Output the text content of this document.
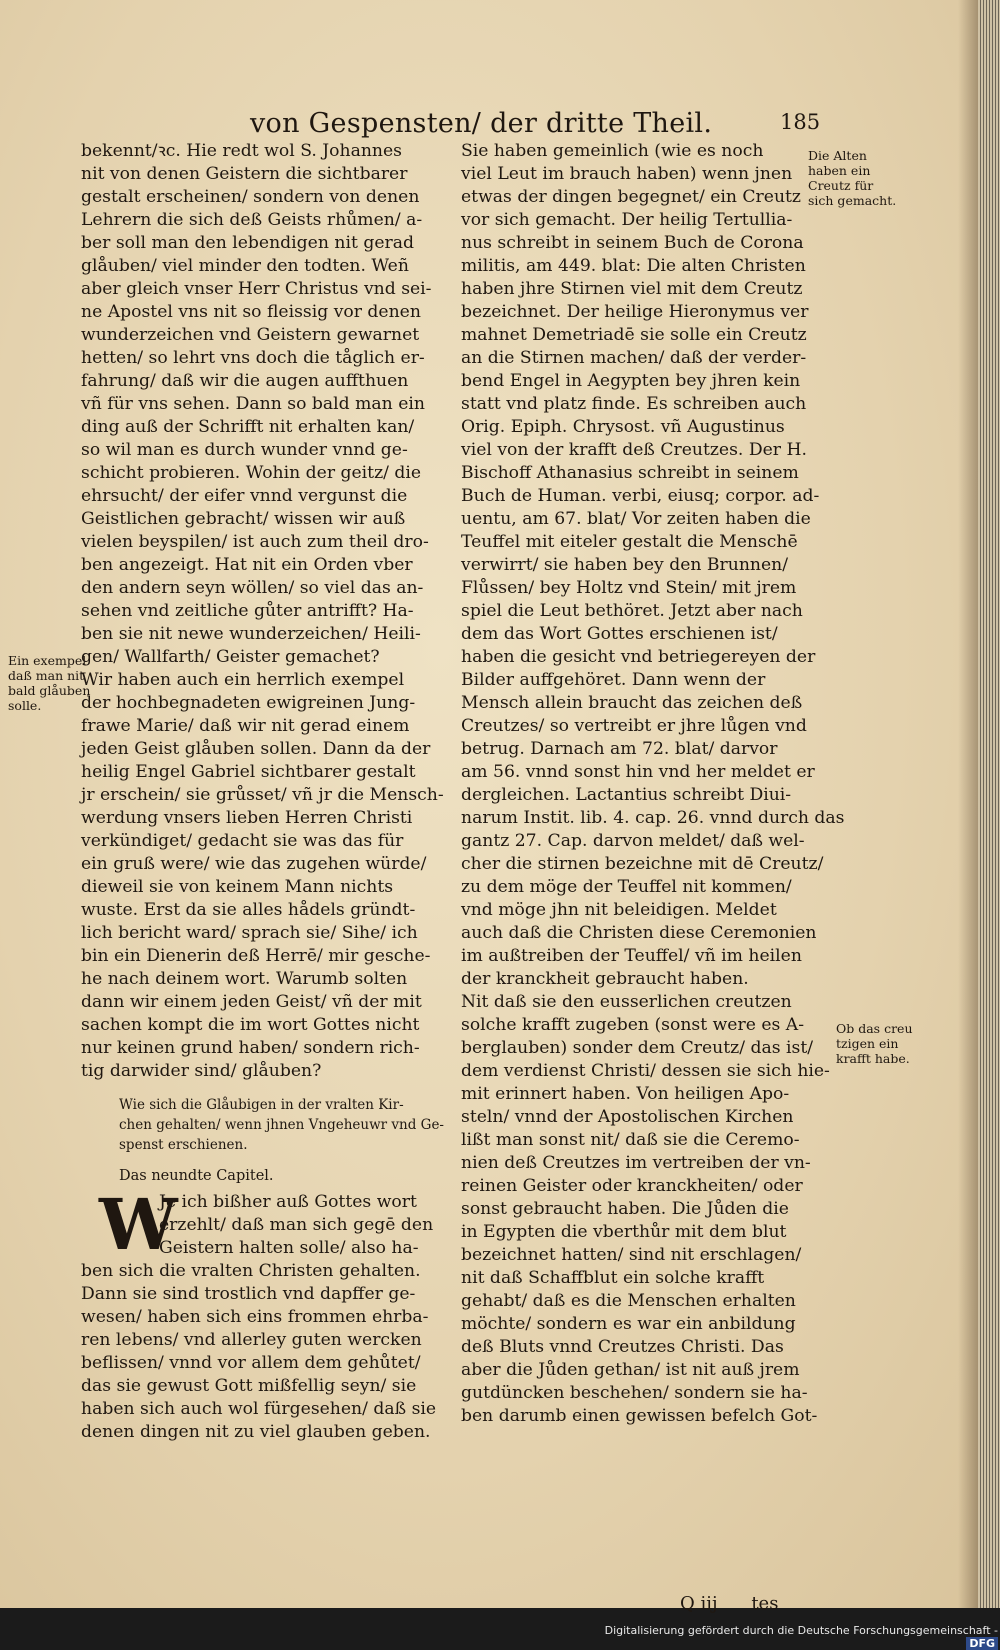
von Gespensten/ der dritte Theil.	185
bekennt/ꝛc. Hie redt wol S. Johannes
nit von denen Geistern die sichtbarer
gestalt erscheinen/ sondern von denen
Lehrern die sich deß Geists rhůmen/ a-
ber soll man den lebendigen nit gerad
glåuben/ viel minder den todten. Weñ
aber gleich vnser Herr Christus vnd sei-
ne Apostel vns nit so fleissig vor denen
wunderzeichen vnd Geistern gewarnet
hetten/ so lehrt vns doch die tåglich er-
fahrung/ daß wir die augen auffthuen
vñ für vns sehen. Dann so bald man ein
ding auß der Schrifft nit erhalten kan/
so wil man es durch wunder vnnd ge-
schicht probieren. Wohin der geitz/ die
ehrsucht/ der eifer vnnd vergunst die
Geistlichen gebracht/ wissen wir auß
vielen beyspilen/ ist auch zum theil dro-
ben angezeigt. Hat nit ein Orden vber
den andern seyn wöllen/ so viel das an-
sehen vnd zeitliche gůter antrifft? Ha-
ben sie nit newe wunderzeichen/ Heili-
gen/ Wallfarth/ Geister gemachet?
Wir haben auch ein herrlich exempel
der hochbegnadeten ewigreinen Jung-
frawe Marie/ daß wir nit gerad einem
jeden Geist glåuben sollen. Dann da der
heilig Engel Gabriel sichtbarer gestalt
jr erschein/ sie grůsset/ vñ jr die Mensch-
werdung vnsers lieben Herren Christi
verkündiget/ gedacht sie was das für
ein gruß were/ wie das zugehen würde/
dieweil sie von keinem Mann nichts
wuste. Erst da sie alles hådels gründt-
lich bericht ward/ sprach sie/ Sihe/ ich
bin ein Dienerin deß Herrē/ mir gesche-
he nach deinem wort. Warumb solten
dann wir einem jeden Geist/ vñ der mit
sachen kompt die im wort Gottes nicht
nur keinen grund haben/ sondern rich-
tig darwider sind/ glåuben?
Wie sich die Glåubigen in der vralten Kir-
chen gehalten/ wenn jhnen Vngeheuwr vnd Ge-
spenst erschienen.
Das neundte Capitel.
W
Je ich bißher auß Gottes wort
erzehlt/ daß man sich gegē den
Geistern halten solle/ also ha-
ben sich die vralten Christen gehalten.
Dann sie sind trostlich vnd dapffer ge-
wesen/ haben sich eins frommen ehrba-
ren lebens/ vnd allerley guten wercken
beflissen/ vnnd vor allem dem gehůtet/
das sie gewust Gott mißfellig seyn/ sie
haben sich auch wol fürgesehen/ daß sie
denen dingen nit zu viel glauben geben.
Sie haben gemeinlich (wie es noch
viel Leut im brauch haben) wenn jnen
etwas der dingen begegnet/ ein Creutz
vor sich gemacht. Der heilig Tertullia-
nus schreibt in seinem Buch de Corona
militis, am 449. blat: Die alten Christen
haben jhre Stirnen viel mit dem Creutz
bezeichnet. Der heilige Hieronymus ver
mahnet Demetriadē sie solle ein Creutz
an die Stirnen machen/ daß der verder-
bend Engel in Aegypten bey jhren kein
statt vnd platz finde. Es schreiben auch
Orig. Epiph. Chrysost. vñ Augustinus
viel von der krafft deß Creutzes. Der H.
Bischoff Athanasius schreibt in seinem
Buch de Human. verbi, eiusq; corpor. ad-
uentu, am 67. blat/ Vor zeiten haben die
Teuffel mit eiteler gestalt die Menschē
verwirrt/ sie haben bey den Brunnen/
Flůssen/ bey Holtz vnd Stein/ mit jrem
spiel die Leut bethöret. Jetzt aber nach
dem das Wort Gottes erschienen ist/
haben die gesicht vnd betriegereyen der
Bilder auffgehöret. Dann wenn der
Mensch allein braucht das zeichen deß
Creutzes/ so vertreibt er jhre lůgen vnd
betrug. Darnach am 72. blat/ darvor
am 56. vnnd sonst hin vnd her meldet er
dergleichen. Lactantius schreibt Diui-
narum Instit. lib. 4. cap. 26. vnnd durch das
gantz 27. Cap. darvon meldet/ daß wel-
cher die stirnen bezeichne mit dē Creutz/
zu dem möge der Teuffel nit kommen/
vnd möge jhn nit beleidigen. Meldet
auch daß die Christen diese Ceremonien
im außtreiben der Teuffel/ vñ im heilen
der kranckheit gebraucht haben.
Nit daß sie den eusserlichen creutzen
solche krafft zugeben (sonst were es A-
berglauben) sonder dem Creutz/ das ist/
dem verdienst Christi/ dessen sie sich hie-
mit erinnert haben. Von heiligen Apo-
steln/ vnnd der Apostolischen Kirchen
lißt man sonst nit/ daß sie die Ceremo-
nien deß Creutzes im vertreiben der vn-
reinen Geister oder kranckheiten/ oder
sonst gebraucht haben. Die Jůden die
in Egypten die vberthůr mit dem blut
bezeichnet hatten/ sind nit erschlagen/
nit daß Schaffblut ein solche krafft
gehabt/ daß es die Menschen erhalten
möchte/ sondern es war ein anbildung
deß Bluts vnnd Creutzes Christi. Das
aber die Jůden gethan/ ist nit auß jrem
gutdüncken beschehen/ sondern sie ha-
ben darumb einen gewissen befelch Got-
Ein exempel
daß man nit
bald glåuben
solle.
Die Alten
haben ein
Creutz für
sich gemacht.
Ob das creu
tzigen ein
krafft habe.
Q iij tes
Digitalisierung gefördert durch die Deutsche Forschungsgemeinschaft -DFG
